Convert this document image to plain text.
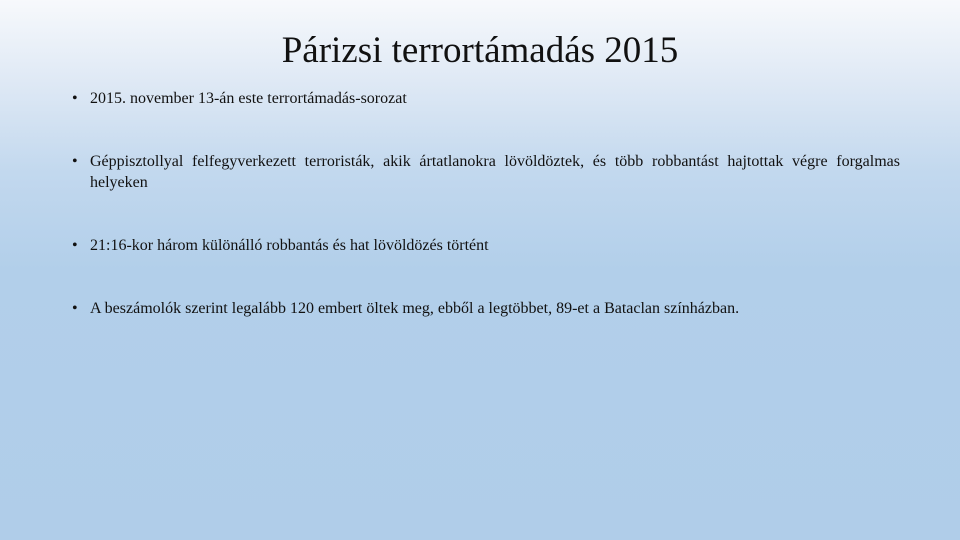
Párizsi terrortámadás 2015
• 2015. november 13-án este terrortámadás-sorozat
• Géppisztollyal felfegyverkezett terroristák, akik ártatlanokra lövöldöztek, és több robbantást hajtottak végre forgalmas helyeken
• 21:16-kor három különálló robbantás és hat lövöldözés történt
• A beszámolók szerint legalább 120 embert öltek meg, ebből a legtöbbet, 89-et a Bataclan színházban.
